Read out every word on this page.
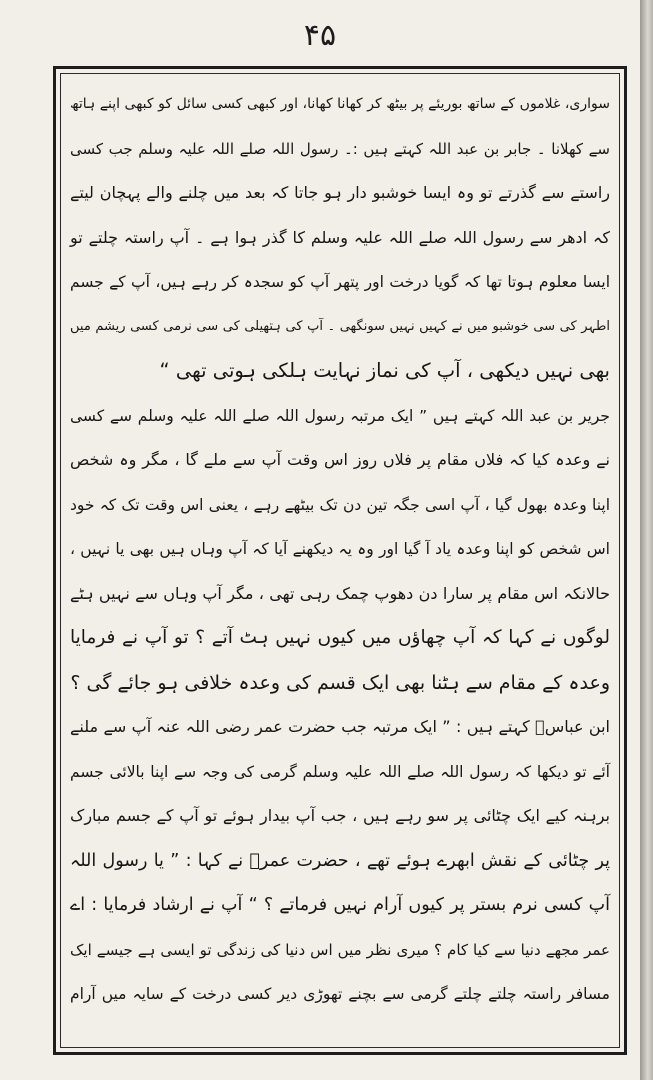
۴۵
سواری، غلاموں کے ساتھ بوریئے پر بیٹھ کر کھانا کھانا، اور کبھی کسی سائل کو کبھی اپنے ہاتھ
سے کھلانا ۔ جابر بن عبد اللہ کہتے ہیں :۔ رسول اللہ صلے اللہ علیہ وسلم جب کسی
راستے سے گذرتے تو وہ ایسا خوشبو دار ہو جاتا کہ بعد میں چلنے والے پہچان لیتے
کہ ادھر سے رسول اللہ صلے اللہ علیہ وسلم کا گذر ہوا ہے ۔ آپ راستہ چلتے تو
ایسا معلوم ہوتا تھا کہ گویا درخت اور پتھر آپ کو سجدہ کر رہے ہیں، آپ کے جسم
اطہر کی سی خوشبو میں نے کہیں نہیں سونگھی ۔ آپ کی ہتھیلی کی سی نرمی کسی ریشم میں
بھی نہیں دیکھی ، آپ کی نماز نہایت ہلکی ہوتی تھی “
جریر بن عبد اللہ کہتے ہیں ” ایک مرتبہ رسول اللہ صلے اللہ علیہ وسلم سے کسی
نے وعدہ کیا کہ فلاں مقام پر فلاں روز اس وقت آپ سے ملے گا ، مگر وہ شخص
اپنا وعدہ بھول گیا ، آپ اسی جگہ تین دن تک بیٹھے رہے ، یعنی اس وقت تک کہ خود
اس شخص کو اپنا وعدہ یاد آ گیا اور وہ یہ دیکھنے آیا کہ آپ وہاں ہیں بھی یا نہیں ،
حالانکہ اس مقام پر سارا دن دھوپ چمک رہی تھی ، مگر آپ وہاں سے نہیں ہٹے
لوگوں نے کہا کہ آپ چھاؤں میں کیوں نہیں ہٹ آتے ؟ تو آپ نے فرمایا
وعدہ کے مقام سے ہٹنا بھی ایک قسم کی وعدہ خلافی ہو جائے گی ؟
ابن عباسؓ کہتے ہیں : ” ایک مرتبہ جب حضرت عمر رضی اللہ عنہ آپ سے ملنے
آئے تو دیکھا کہ رسول اللہ صلے اللہ علیہ وسلم گرمی کی وجہ سے اپنا بالائی جسم
برہنہ کیے ایک چٹائی پر سو رہے ہیں ، جب آپ بیدار ہوئے تو آپ کے جسم مبارک
پر چٹائی کے نقش ابھرے ہوئے تھے ، حضرت عمرؓ نے کہا : ” یا رسول اللہ
آپ کسی نرم بستر پر کیوں آرام نہیں فرماتے ؟ “ آپ نے ارشاد فرمایا : اے
عمر مجھے دنیا سے کیا کام ؟ میری نظر میں اس دنیا کی زندگی تو ایسی ہے جیسے ایک
مسافر راستہ چلتے چلتے گرمی سے بچنے تھوڑی دیر کسی درخت کے سایہ میں آرام
